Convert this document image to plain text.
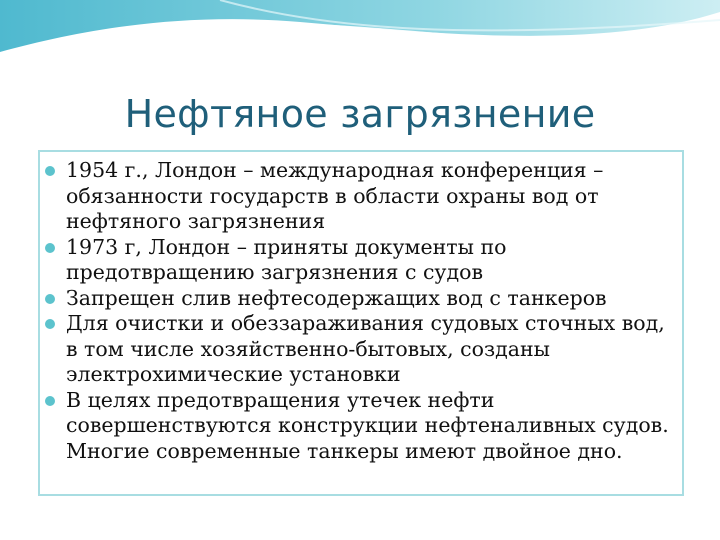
Нефтяное загрязнение
1954 г., Лондон – международная конференция – обязанности государств в области охраны вод от нефтяного загрязнения
1973 г, Лондон – приняты документы по предотвращению загрязнения с судов
Запрещен слив нефтесодержащих вод с танкеров
Для очистки и обеззараживания судовых сточных вод, в том числе хозяйственно-бытовых, созданы электрохимические установки
В целях предотвращения утечек нефти совершенствуются конструкции нефтеналивных судов. Многие современные танкеры имеют двойное дно.
